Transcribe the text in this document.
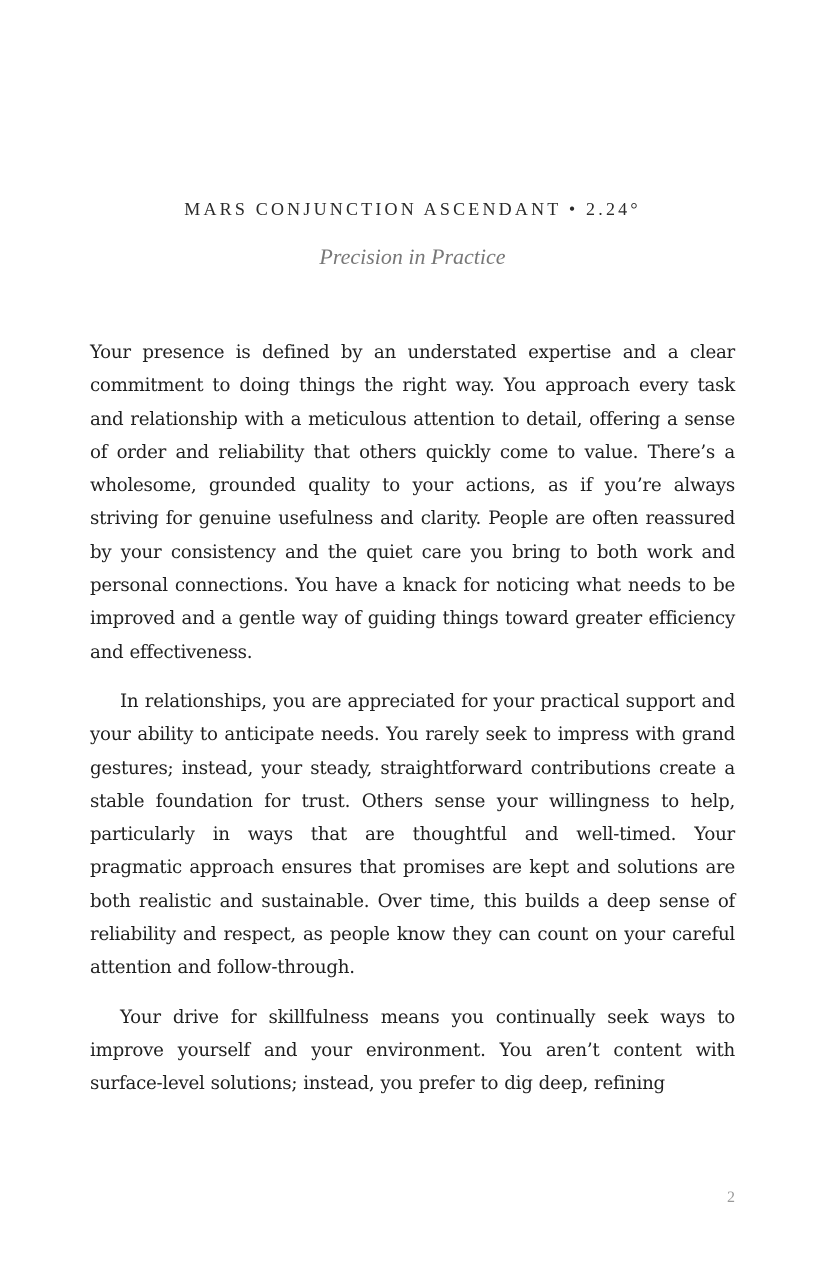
MARS CONJUNCTION ASCENDANT • 2.24°
Precision in Practice

Your presence is defined by an understated expertise and a clear commitment to doing things the right way. You approach every task and relationship with a meticulous attention to detail, offering a sense of order and reliability that others quickly come to value. There’s a wholesome, grounded quality to your actions, as if you’re always striving for genuine usefulness and clarity. People are often reassured by your consistency and the quiet care you bring to both work and personal connections. You have a knack for noticing what needs to be improved and a gentle way of guiding things toward greater efficiency and effectiveness.

In relationships, you are appreciated for your practical support and your ability to anticipate needs. You rarely seek to impress with grand gestures; instead, your steady, straightforward contributions create a stable foundation for trust. Others sense your willingness to help, particularly in ways that are thoughtful and well-timed. Your pragmatic approach ensures that promises are kept and solutions are both realistic and sustainable. Over time, this builds a deep sense of reliability and respect, as people know they can count on your careful attention and follow-through.

Your drive for skillfulness means you continually seek ways to improve yourself and your environment. You aren’t content with surface-level solutions; instead, you prefer to dig deep, refining

2
